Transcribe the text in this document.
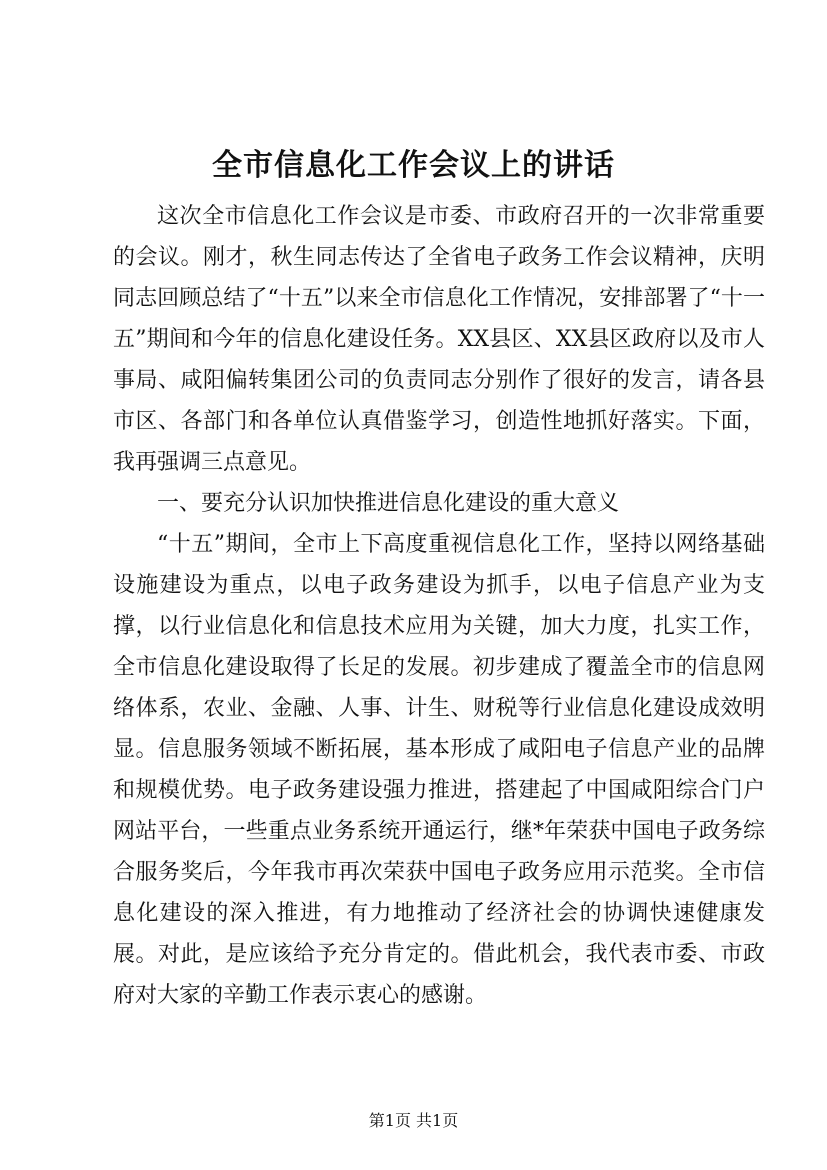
全市信息化工作会议上的讲话

这次全市信息化工作会议是市委、市政府召开的一次非常重要的会议。刚才，秋生同志传达了全省电子政务工作会议精神，庆明同志回顾总结了“十五”以来全市信息化工作情况，安排部署了“十一五”期间和今年的信息化建设任务。XX县区、XX县区政府以及市人事局、咸阳偏转集团公司的负责同志分别作了很好的发言，请各县市区、各部门和各单位认真借鉴学习，创造性地抓好落实。下面，我再强调三点意见。

一、要充分认识加快推进信息化建设的重大意义

“十五”期间，全市上下高度重视信息化工作，坚持以网络基础设施建设为重点，以电子政务建设为抓手，以电子信息产业为支撑，以行业信息化和信息技术应用为关键，加大力度，扎实工作，全市信息化建设取得了长足的发展。初步建成了覆盖全市的信息网络体系，农业、金融、人事、计生、财税等行业信息化建设成效明显。信息服务领域不断拓展，基本形成了咸阳电子信息产业的品牌和规模优势。电子政务建设强力推进，搭建起了中国咸阳综合门户网站平台，一些重点业务系统开通运行，继*年荣获中国电子政务综合服务奖后，今年我市再次荣获中国电子政务应用示范奖。全市信息化建设的深入推进，有力地推动了经济社会的协调快速健康发展。对此，是应该给予充分肯定的。借此机会，我代表市委、市政府对大家的辛勤工作表示衷心的感谢。

第1页 共1页
